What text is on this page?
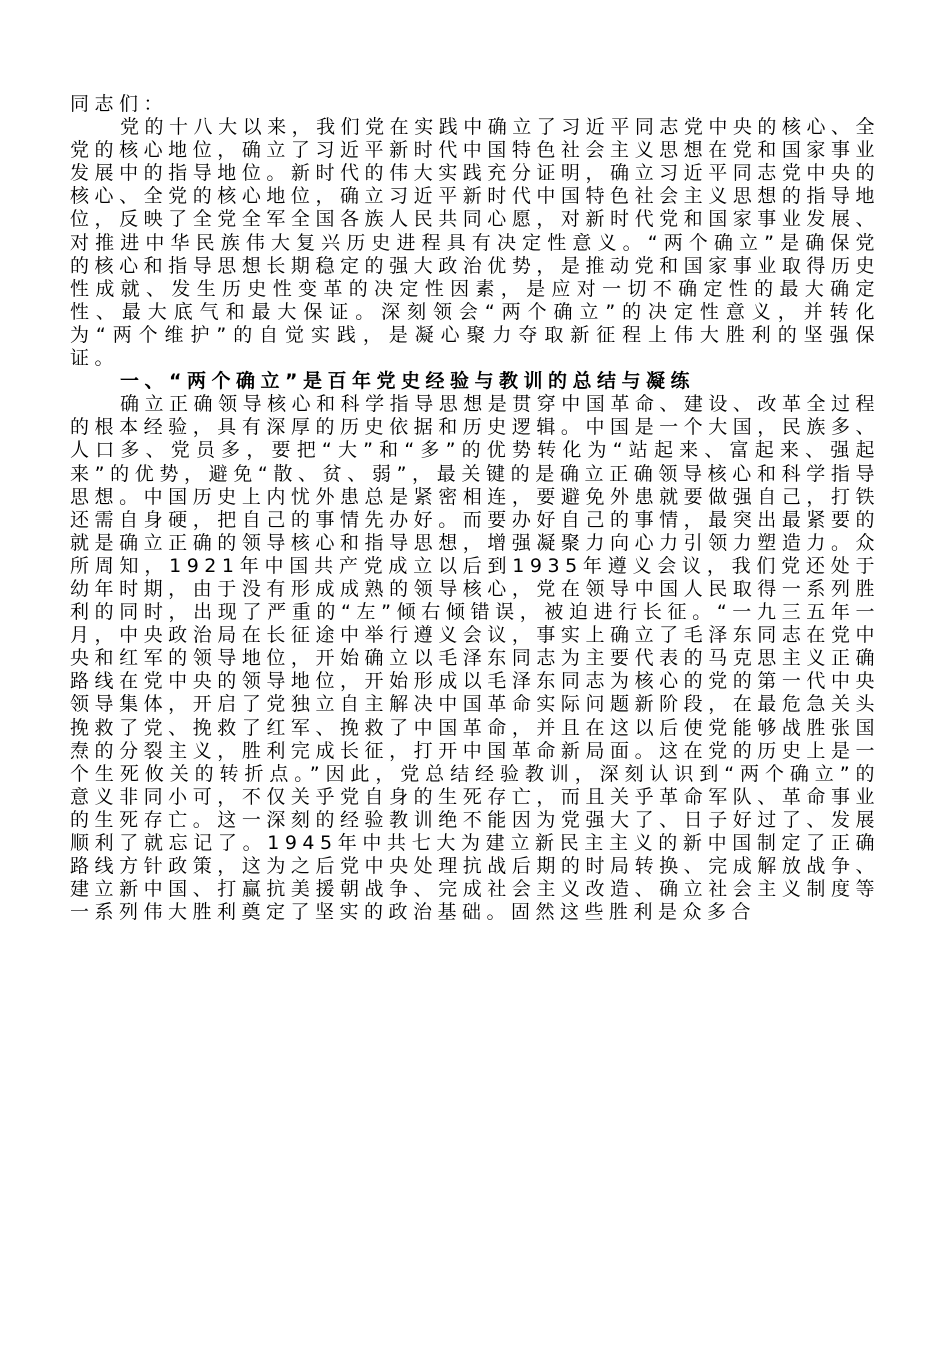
同志们：

党的十八大以来，我们党在实践中确立了习近平同志党中央的核心、全党的核心地位，确立了习近平新时代中国特色社会主义思想在党和国家事业发展中的指导地位。新时代的伟大实践充分证明，确立习近平同志党中央的核心、全党的核心地位，确立习近平新时代中国特色社会主义思想的指导地位，反映了全党全军全国各族人民共同心愿，对新时代党和国家事业发展、对推进中华民族伟大复兴历史进程具有决定性意义。“两个确立”是确保党的核心和指导思想长期稳定的强大政治优势，是推动党和国家事业取得历史性成就、发生历史性变革的决定性因素，是应对一切不确定性的最大确定性、最大底气和最大保证。深刻领会“两个确立”的决定性意义，并转化为“两个维护”的自觉实践，是凝心聚力夺取新征程上伟大胜利的坚强保证。

一、“两个确立”是百年党史经验与教训的总结与凝练

确立正确领导核心和科学指导思想是贯穿中国革命、建设、改革全过程的根本经验，具有深厚的历史依据和历史逻辑。中国是一个大国，民族多、人口多、党员多，要把“大”和“多”的优势转化为“站起来、富起来、强起来”的优势，避免“散、贫、弱”，最关键的是确立正确领导核心和科学指导思想。中国历史上内忧外患总是紧密相连，要避免外患就要做强自己，打铁还需自身硬，把自己的事情先办好。而要办好自己的事情，最突出最紧要的就是确立正确的领导核心和指导思想，增强凝聚力向心力引领力塑造力。众所周知，1921年中国共产党成立以后到1935年遵义会议，我们党还处于幼年时期，由于没有形成成熟的领导核心，党在领导中国人民取得一系列胜利的同时，出现了严重的“左”倾右倾错误，被迫进行长征。“一九三五年一月，中央政治局在长征途中举行遵义会议，事实上确立了毛泽东同志在党中央和红军的领导地位，开始确立以毛泽东同志为主要代表的马克思主义正确路线在党中央的领导地位，开始形成以毛泽东同志为核心的党的第一代中央领导集体，开启了党独立自主解决中国革命实际问题新阶段，在最危急关头挽救了党、挽救了红军、挽救了中国革命，并且在这以后使党能够战胜张国焘的分裂主义，胜利完成长征，打开中国革命新局面。这在党的历史上是一个生死攸关的转折点。”因此，党总结经验教训，深刻认识到“两个确立”的意义非同小可，不仅关乎党自身的生死存亡，而且关乎革命军队、革命事业的生死存亡。这一深刻的经验教训绝不能因为党强大了、日子好过了、发展顺利了就忘记了。1945年中共七大为建立新民主主义的新中国制定了正确路线方针政策，这为之后党中央处理抗战后期的时局转换、完成解放战争、建立新中国、打赢抗美援朝战争、完成社会主义改造、确立社会主义制度等一系列伟大胜利奠定了坚实的政治基础。固然这些胜利是众多合
